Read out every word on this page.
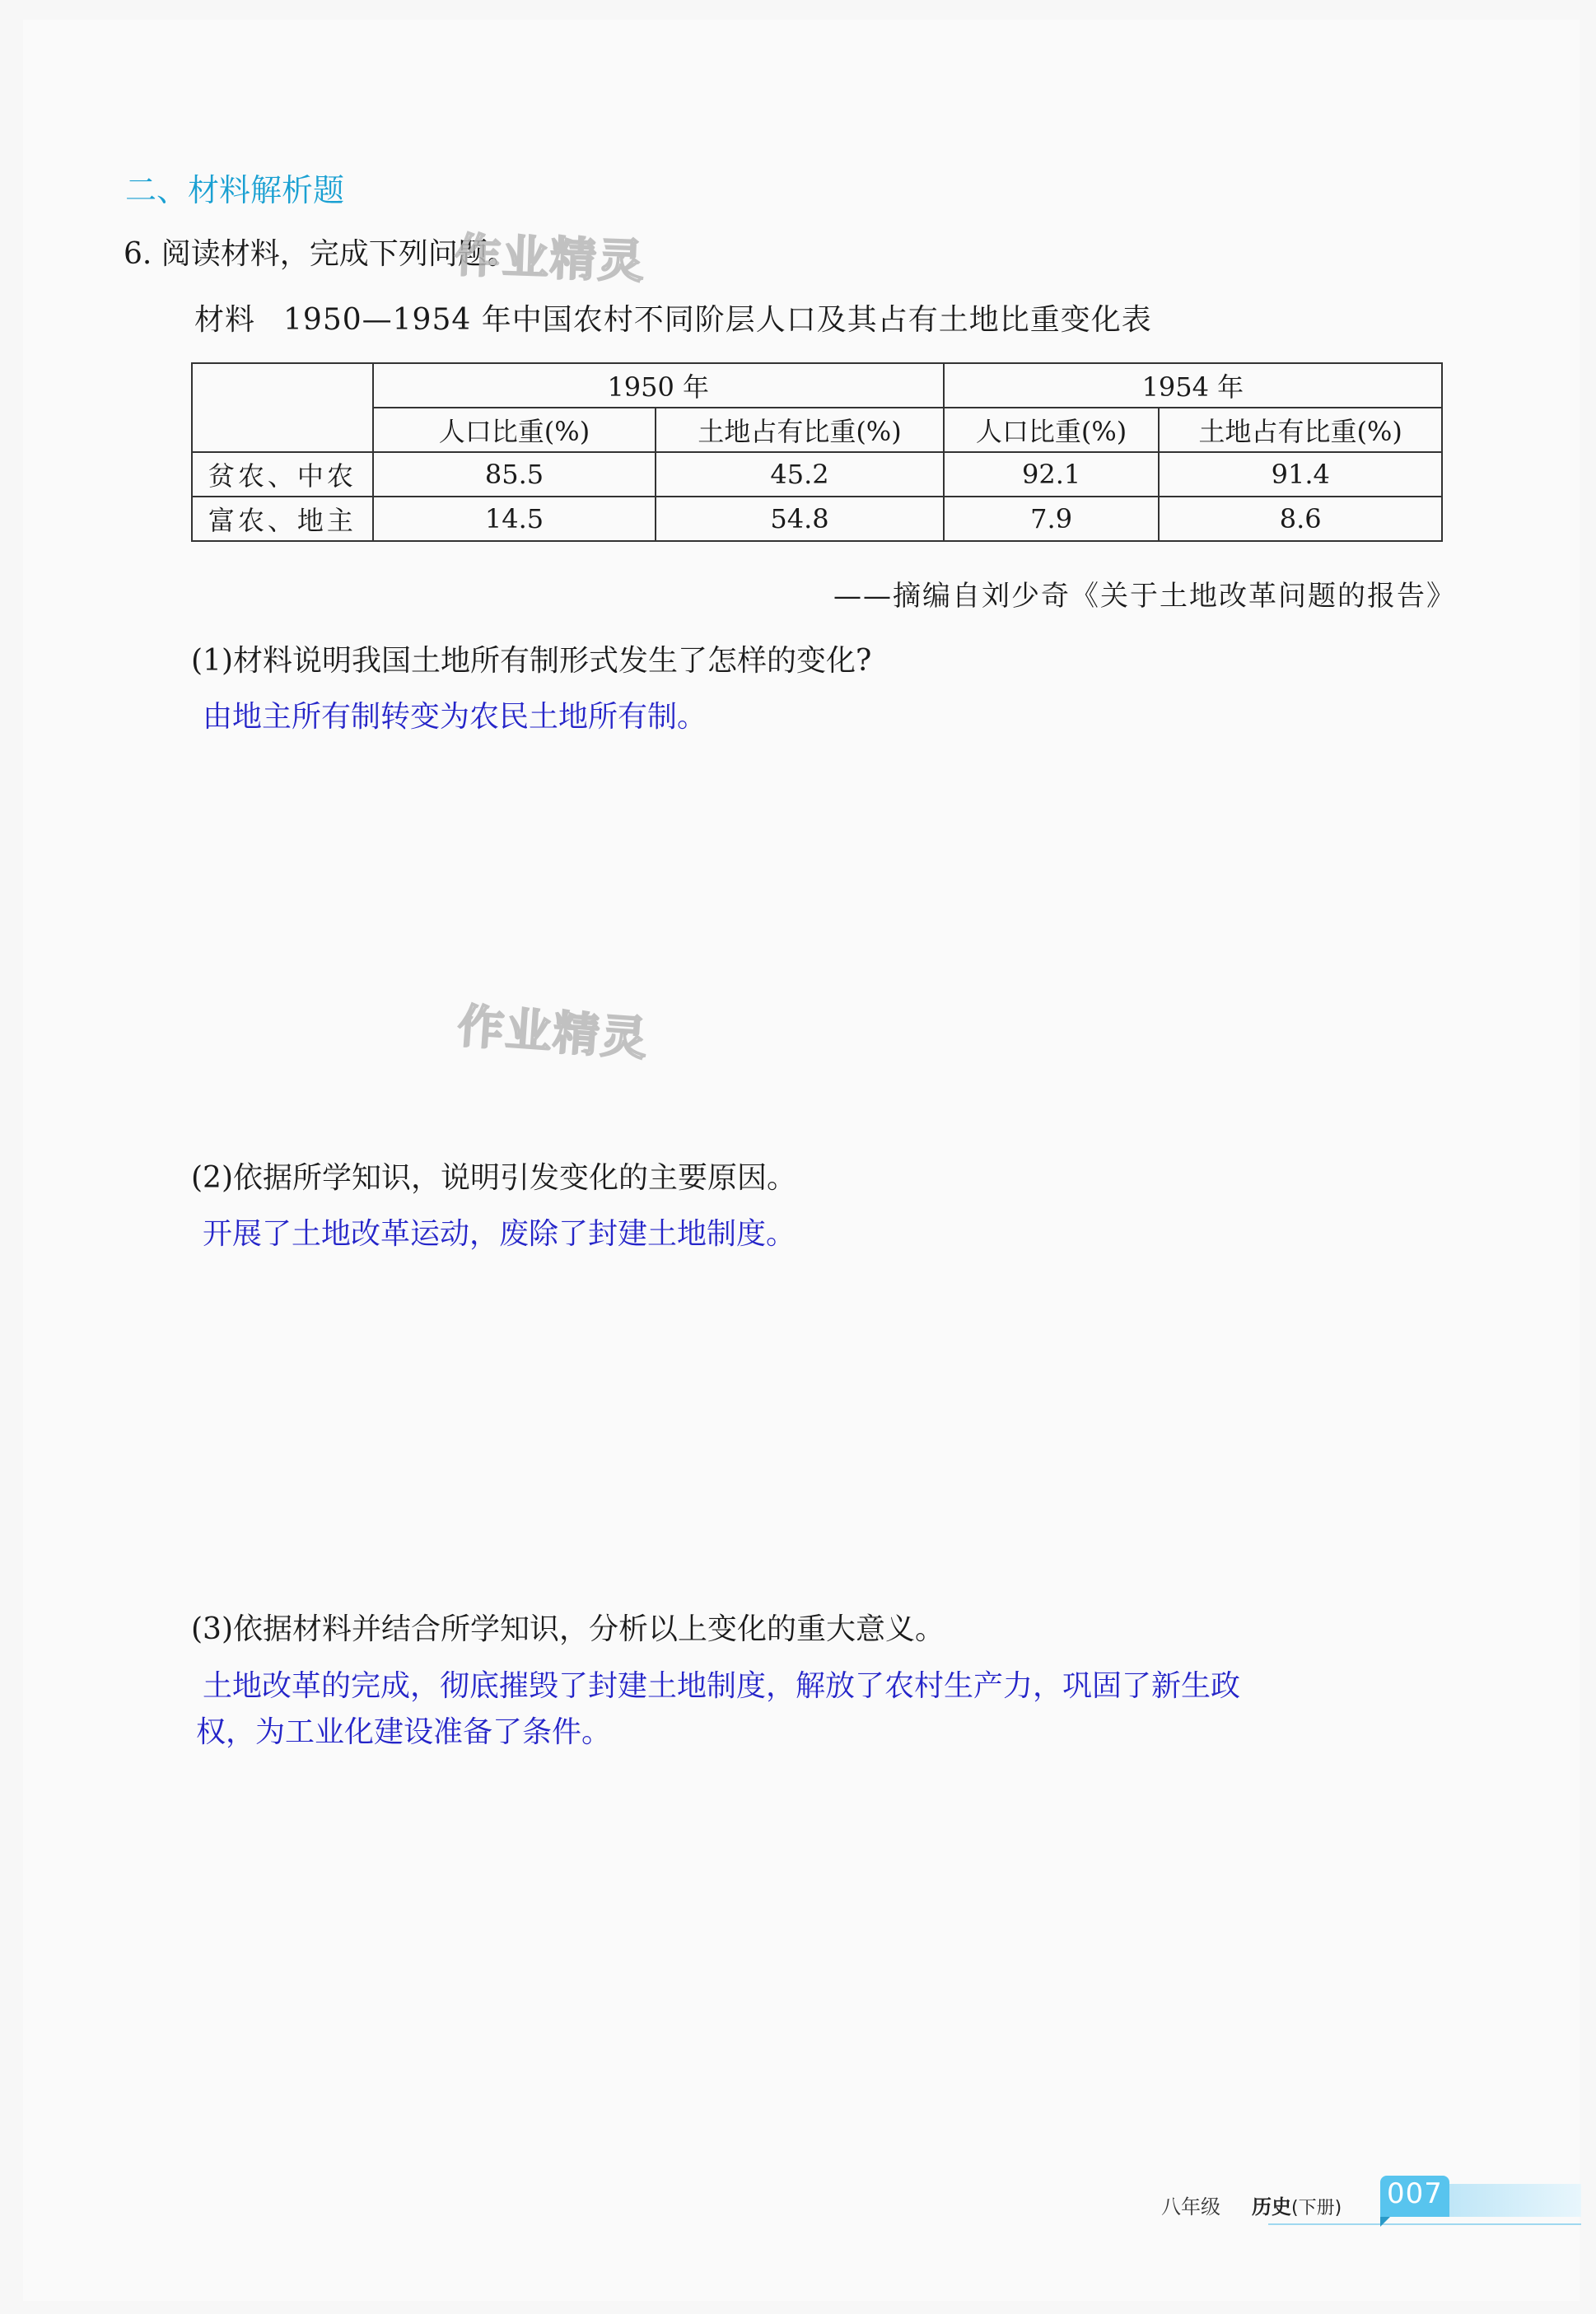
二、材料解析题
6. 阅读材料，完成下列问题。
作业精灵
材料 1950—1954 年中国农村不同阶层人口及其占有土地比重变化表
	1950 年		1954 年	
	人口比重(%)	土地占有比重(%)	人口比重(%)	土地占有比重(%)
贫农、中农	85.5	45.2	92.1	91.4
富农、地主	14.5	54.8	7.9	8.6
——摘编自刘少奇《关于土地改革问题的报告》
(1)材料说明我国土地所有制形式发生了怎样的变化?
由地主所有制转变为农民土地所有制。
作业精灵
(2)依据所学知识，说明引发变化的主要原因。
开展了土地改革运动，废除了封建土地制度。
(3)依据材料并结合所学知识，分析以上变化的重大意义。
土地改革的完成，彻底摧毁了封建土地制度，解放了农村生产力，巩固了新生政权，为工业化建设准备了条件。
八年级 历史(下册) 007
